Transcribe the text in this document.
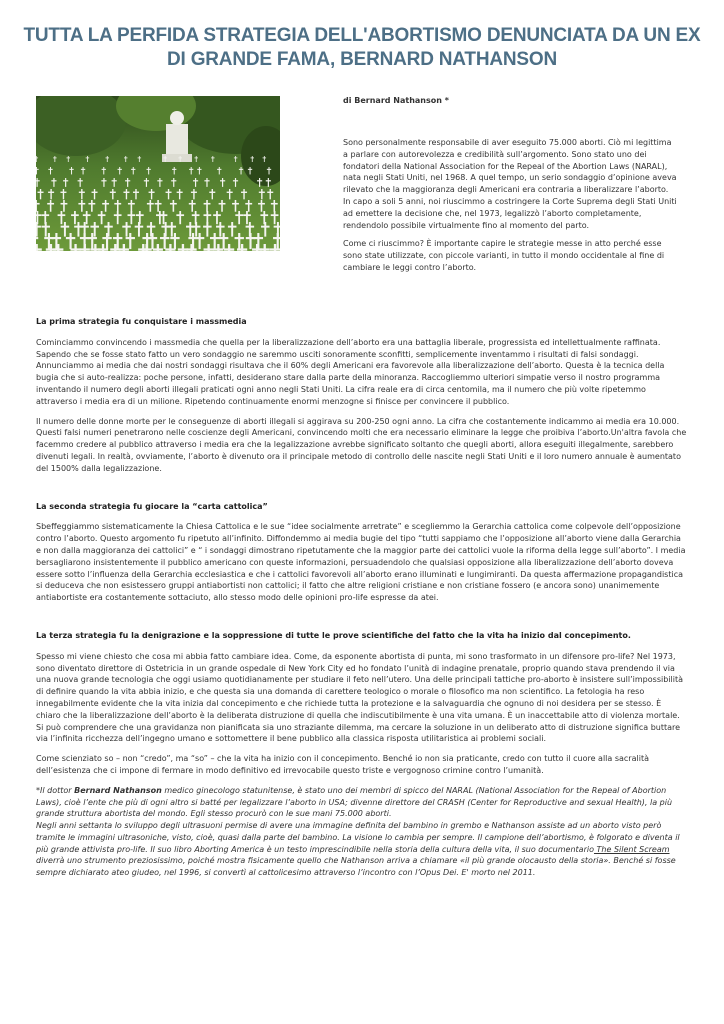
TUTTA LA PERFIDA STRATEGIA DELL'ABORTISMO DENUNCIATA DA UN EX
DI GRANDE FAMA, BERNARD NATHANSON
di Bernard Nathanson *

Sono personalmente responsabile di aver eseguito 75.000 aborti. Ciò mi legittima a parlare con autorevolezza e credibilità sull’argomento. Sono stato uno dei fondatori della National Association for the Repeal of the Abortion Laws (NARAL), nata negli Stati Uniti, nel 1968. A quel tempo, un serio sondaggio d’opinione aveva rilevato che la maggioranza degli Americani era contraria a liberalizzare l’aborto. In capo a soli 5 anni, noi riuscimmo a costringere la Corte Suprema degli Stati Uniti ad emettere la decisione che, nel 1973, legalizzò l’aborto completamente, rendendolo possibile virtualmente fino al momento del parto.

Come ci riuscimmo? È importante capire le strategie messe in atto perché esse sono state utilizzate, con piccole varianti, in tutto il mondo occidentale al fine di cambiare le leggi contro l’aborto.

La prima strategia fu conquistare i massmedia

Cominciammo convincendo i massmedia che quella per la liberalizzazione dell’aborto era una battaglia liberale, progressista ed intellettualmente raffinata. Sapendo che se fosse stato fatto un vero sondaggio ne saremmo usciti sonoramente sconfitti, semplicemente inventammo i risultati di falsi sondaggi. Annunciammo ai media che dai nostri sondaggi risultava che il 60% degli Americani era favorevole alla liberalizzazione dell’aborto. Questa è la tecnica della bugia che si auto-realizza: poche persone, infatti, desiderano stare dalla parte della minoranza. Raccogliemmo ulteriori simpatie verso il nostro programma inventando il numero degli aborti illegali praticati ogni anno negli Stati Uniti. La cifra reale era di circa centomila, ma il numero che più volte ripetemmo attraverso i media era di un milione. Ripetendo continuamente enormi menzogne si finisce per convincere il pubblico.

Il numero delle donne morte per le conseguenze di aborti illegali si aggirava su 200-250 ogni anno. La cifra che costantemente indicammo ai media era 10.000. Questi falsi numeri penetrarono nelle coscienze degli Americani, convincendo molti che era necessario eliminare la legge che proibiva l’aborto.Un'altra favola che facemmo credere al pubblico attraverso i media era che la legalizzazione avrebbe significato soltanto che quegli aborti, allora eseguiti illegalmente, sarebbero divenuti legali. In realtà, ovviamente, l’aborto è divenuto ora il principale metodo di controllo delle nascite negli Stati Uniti e il loro numero annuale è aumentato del 1500% dalla legalizzazione.

La seconda strategia fu giocare la “carta cattolica”

Sbeffeggiammo sistematicamente la Chiesa Cattolica e le sue “idee socialmente arretrate” e scegliemmo la Gerarchia cattolica come colpevole dell’opposizione contro l’aborto. Questo argomento fu ripetuto all’infinito. Diffondemmo ai media bugie del tipo “tutti sappiamo che l’opposizione all’aborto viene dalla Gerarchia e non dalla maggioranza dei cattolici” e “ i sondaggi dimostrano ripetutamente che la maggior parte dei cattolici vuole la riforma della legge sull’aborto”. I media bersagliarono insistentemente il pubblico americano con queste informazioni, persuadendolo che qualsiasi opposizione alla liberalizzazione dell’aborto doveva essere sotto l’influenza della Gerarchia ecclesiastica e che i cattolici favorevoli all’aborto erano illuminati e lungimiranti. Da questa affermazione propagandistica si deduceva che non esistessero gruppi antiabortisti non cattolici; il fatto che altre religioni cristiane e non cristiane fossero (e ancora sono) unanimemente antiabortiste era costantemente sottaciuto, allo stesso modo delle opinioni pro-life espresse da atei.

La terza strategia fu la denigrazione e la soppressione di tutte le prove scientifiche del fatto che la vita ha inizio dal concepimento.

Spesso mi viene chiesto che cosa mi abbia fatto cambiare idea. Come, da esponente abortista di punta, mi sono trasformato in un difensore pro-life? Nel 1973, sono diventato direttore di Ostetricia in un grande ospedale di New York City ed ho fondato l’unità di indagine prenatale, proprio quando stava prendendo il via una nuova grande tecnologia che oggi usiamo quotidianamente per studiare il feto nell’utero. Una delle principali tattiche pro-aborto è insistere sull’impossibilità di definire quando la vita abbia inizio, e che questa sia una domanda di carettere teologico o morale o filosofico ma non scientifico. La fetologia ha reso innegabilmente evidente che la vita inizia dal concepimento e che richiede tutta la protezione e la salvaguardia che ognuno di noi desidera per se stesso. È chiaro che la liberalizzazione dell’aborto è la deliberata distruzione di quella che indiscutibilmente è una vita umana. È un inaccettabile atto di violenza mortale. Si può comprendere che una gravidanza non pianificata sia uno straziante dilemma, ma cercare la soluzione in un deliberato atto di distruzione significa buttare via l’infinita ricchezza dell’ingegno umano e sottomettere il bene pubblico alla classica risposta utilitaristica ai problemi sociali.

Come scienziato so – non “credo”, ma “so” – che la vita ha inizio con il concepimento. Benché io non sia praticante, credo con tutto il cuore alla sacralità dell’esistenza che ci impone di fermare in modo definitivo ed irrevocabile questo triste e vergognoso crimine contro l’umanità.

*Il dottor Bernard Nathanson medico ginecologo statunitense, è stato uno dei membri di spicco del NARAL (National Association for the Repeal of Abortion Laws), cioè l’ente che più di ogni altro si batté per legalizzare l’aborto in USA; divenne direttore del CRASH (Center for Reproductive and sexual Health), la più grande struttura abortista del mondo. Egli stesso procurò con le sue mani 75.000 aborti.
Negli anni settanta lo sviluppo degli ultrasuoni permise di avere una immagine definita del bambino in grembo e Nathanson assiste ad un aborto visto però tramite le immagini ultrasoniche, visto, cioè, quasi dalla parte del bambino. La visione lo cambia per sempre. Il campione dell’abortismo, è folgorato e diventa il più grande attivista pro-life. Il suo libro Aborting America è un testo imprescindibile nella storia della cultura della vita, il suo documentario The Silent Scream diverrà uno strumento preziosissimo, poiché mostra fisicamente quello che Nathanson arriva a chiamare «il più grande olocausto della storia». Benché si fosse sempre dichiarato ateo giudeo, nel 1996, si convertì al cattolicesimo attraverso l’incontro con l’Opus Dei. E' morto nel 2011.
